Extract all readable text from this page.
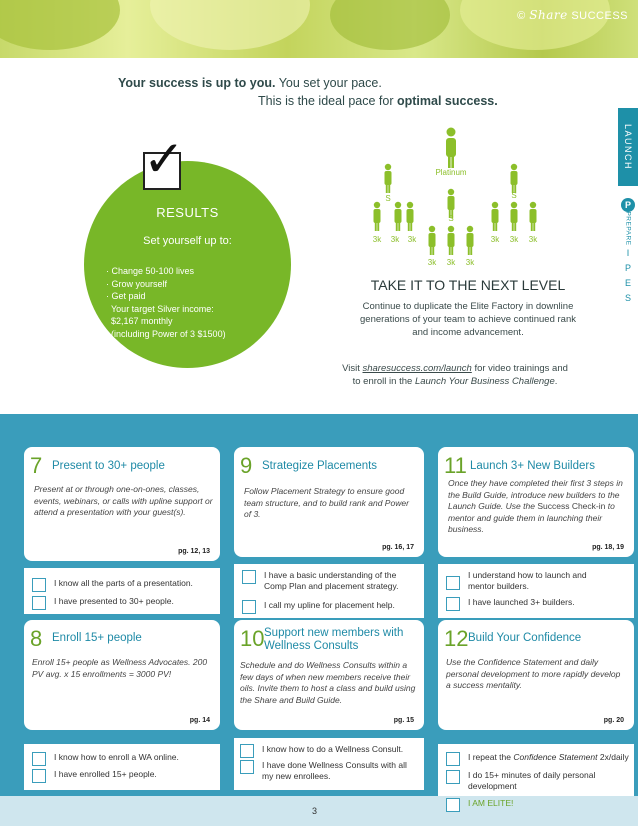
© Share SUCCESS
Your success is up to you. You set your pace.
This is the ideal pace for optimal success.
LAUNCH
P
PREPARE
I
P
E
S
✓
RESULTS
Set yourself up to:
· Change 50-100 lives
· Grow yourself
· Get paid
Your target Silver income:
$2,167 monthly
(including Power of 3 $1500)
Platinum
S
S
S
3k	3k	3k
3k	3k	3k
3k	3k	3k
TAKE IT TO THE NEXT LEVEL
Continue to duplicate the Elite Factory in downline
generations of your team to achieve continued rank
and income advancement.
Visit sharesuccess.com/launch for video trainings and
to enroll in the Launch Your Business Challenge.
7 Present to 30+ people
Present at or through one-on-ones, classes, events, webinars, or calls with upline support or attend a presentation with your guest(s).
pg. 12, 13
I know all the parts of a presentation.
I have presented to 30+ people.
9 Strategize Placements
Follow Placement Strategy to ensure good team structure, and to build rank and Power of 3.
pg. 16, 17
I have a basic understanding of the Comp Plan and placement strategy.
I call my upline for placement help.
11 Launch 3+ New Builders
Once they have completed their first 3 steps in the Build Guide, introduce new builders to the Launch Guide. Use the Success Check-in to mentor and guide them in launching their business.
pg. 18, 19
I understand how to launch and mentor builders.
I have launched 3+ builders.
8 Enroll 15+ people
Enroll 15+ people as Wellness Advocates. 200 PV avg. x 15 enrollments = 3000 PV!
pg. 14
I know how to enroll a WA online.
I have enrolled 15+ people.
10 Support new members with Wellness Consults
Schedule and do Wellness Consults within a few days of when new members receive their oils. Invite them to host a class and build using the Share and Build Guide.
pg. 15
I know how to do a Wellness Consult.
I have done Wellness Consults with all my new enrollees.
12 Build Your Confidence
Use the Confidence Statement and daily personal development to more rapidly develop a success mentality.
pg. 20
I repeat the Confidence Statement 2x/daily
I do 15+ minutes of daily personal development
I AM ELITE!
3
